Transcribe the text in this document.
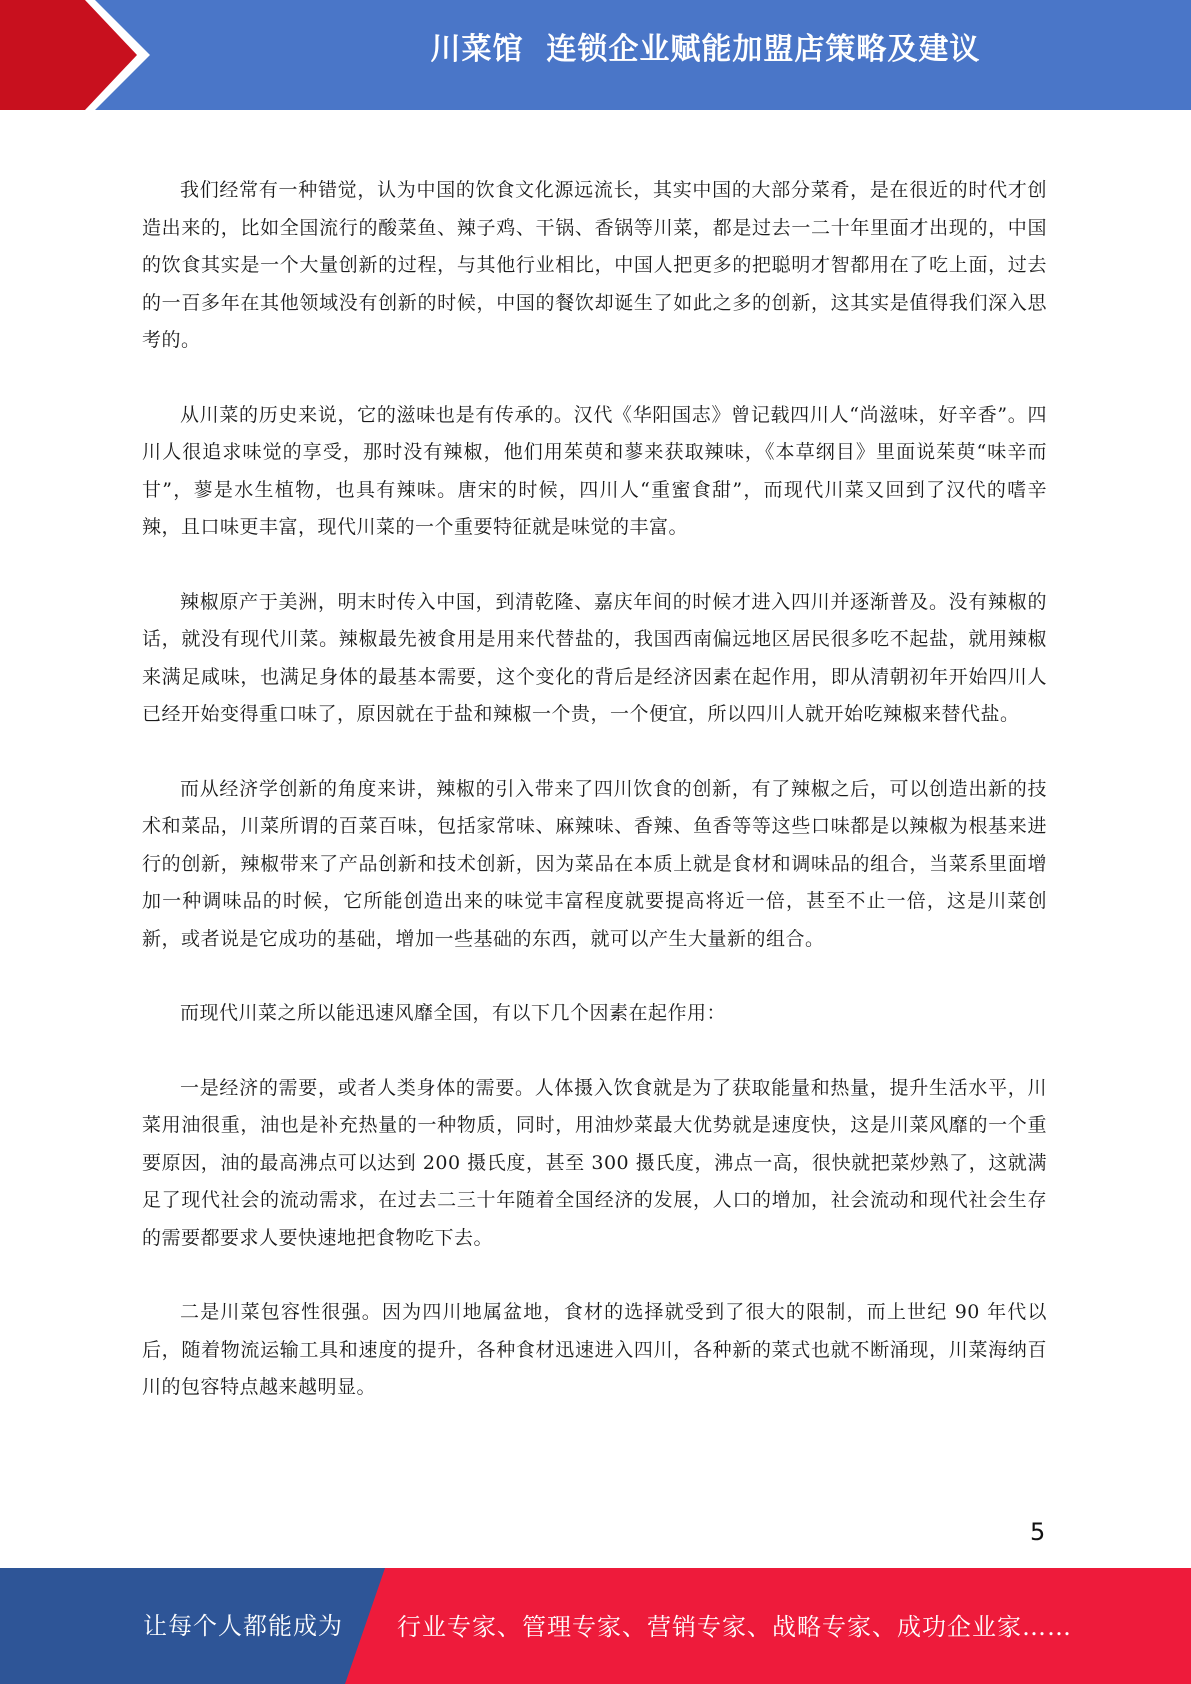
川菜馆  连锁企业赋能加盟店策略及建议

我们经常有一种错觉，认为中国的饮食文化源远流长，其实中国的大部分菜肴，是在很近的时代才创造出来的，比如全国流行的酸菜鱼、辣子鸡、干锅、香锅等川菜，都是过去一二十年里面才出现的，中国的饮食其实是一个大量创新的过程，与其他行业相比，中国人把更多的把聪明才智都用在了吃上面，过去的一百多年在其他领域没有创新的时候，中国的餐饮却诞生了如此之多的创新，这其实是值得我们深入思考的。

从川菜的历史来说，它的滋味也是有传承的。汉代《华阳国志》曾记载四川人“尚滋味，好辛香”。四川人很追求味觉的享受，那时没有辣椒，他们用茱萸和蓼来获取辣味，《本草纲目》里面说茱萸“味辛而甘”，蓼是水生植物，也具有辣味。唐宋的时候，四川人“重蜜食甜”，而现代川菜又回到了汉代的嗜辛辣，且口味更丰富，现代川菜的一个重要特征就是味觉的丰富。

辣椒原产于美洲，明末时传入中国，到清乾隆、嘉庆年间的时候才进入四川并逐渐普及。没有辣椒的话，就没有现代川菜。辣椒最先被食用是用来代替盐的，我国西南偏远地区居民很多吃不起盐，就用辣椒来满足咸味，也满足身体的最基本需要，这个变化的背后是经济因素在起作用，即从清朝初年开始四川人已经开始变得重口味了，原因就在于盐和辣椒一个贵，一个便宜，所以四川人就开始吃辣椒来替代盐。

而从经济学创新的角度来讲，辣椒的引入带来了四川饮食的创新，有了辣椒之后，可以创造出新的技术和菜品，川菜所谓的百菜百味，包括家常味、麻辣味、香辣、鱼香等等这些口味都是以辣椒为根基来进行的创新，辣椒带来了产品创新和技术创新，因为菜品在本质上就是食材和调味品的组合，当菜系里面增加一种调味品的时候，它所能创造出来的味觉丰富程度就要提高将近一倍，甚至不止一倍，这是川菜创新，或者说是它成功的基础，增加一些基础的东西，就可以产生大量新的组合。

而现代川菜之所以能迅速风靡全国，有以下几个因素在起作用：

一是经济的需要，或者人类身体的需要。人体摄入饮食就是为了获取能量和热量，提升生活水平，川菜用油很重，油也是补充热量的一种物质，同时，用油炒菜最大优势就是速度快，这是川菜风靡的一个重要原因，油的最高沸点可以达到 200 摄氏度，甚至 300 摄氏度，沸点一高，很快就把菜炒熟了，这就满足了现代社会的流动需求，在过去二三十年随着全国经济的发展，人口的增加，社会流动和现代社会生存的需要都要求人要快速地把食物吃下去。

二是川菜包容性很强。因为四川地属盆地，食材的选择就受到了很大的限制，而上世纪 90 年代以后，随着物流运输工具和速度的提升，各种食材迅速进入四川，各种新的菜式也就不断涌现，川菜海纳百川的包容特点越来越明显。

5
让每个人都能成为 行业专家、管理专家、营销专家、战略专家、成功企业家……
